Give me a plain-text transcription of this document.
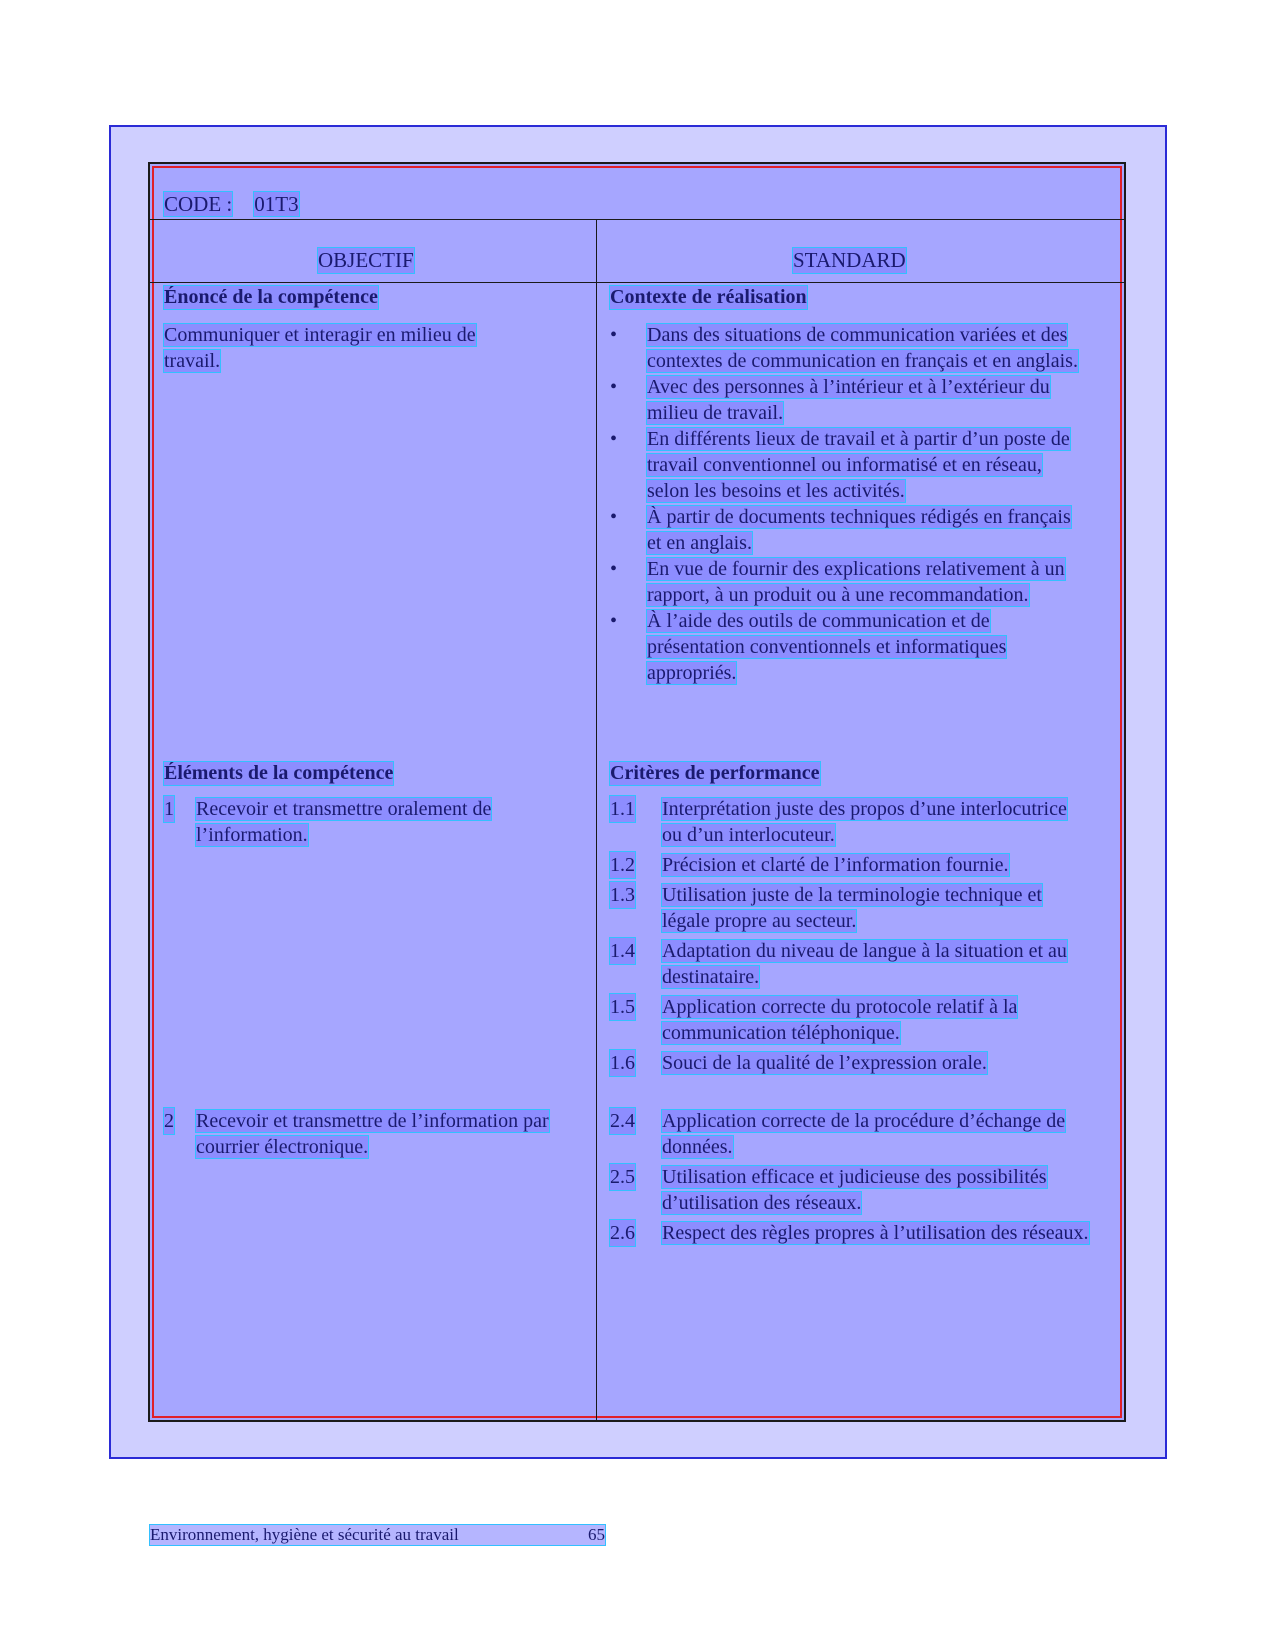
CODE : 01T3
OBJECTIF	STANDARD
Énoncé de la compétence
Communiquer et interagir en milieu de travail.
Contexte de réalisation
• Dans des situations de communication variées et des contextes de communication en français et en anglais.
• Avec des personnes à l’intérieur et à l’extérieur du milieu de travail.
• En différents lieux de travail et à partir d’un poste de travail conventionnel ou informatisé et en réseau, selon les besoins et les activités.
• À partir de documents techniques rédigés en français et en anglais.
• En vue de fournir des explications relativement à un rapport, à un produit ou à une recommandation.
• À l’aide des outils de communication et de présentation conventionnels et informatiques appropriés.
Éléments de la compétence
1 Recevoir et transmettre oralement de l’information.
2 Recevoir et transmettre de l’information par courrier électronique.
Critères de performance
1.1 Interprétation juste des propos d’une interlocutrice ou d’un interlocuteur.
1.2 Précision et clarté de l’information fournie.
1.3 Utilisation juste de la terminologie technique et légale propre au secteur.
1.4 Adaptation du niveau de langue à la situation et au destinataire.
1.5 Application correcte du protocole relatif à la communication téléphonique.
1.6 Souci de la qualité de l’expression orale.
2.4 Application correcte de la procédure d’échange de données.
2.5 Utilisation efficace et judicieuse des possibilités d’utilisation des réseaux.
2.6 Respect des règles propres à l’utilisation des réseaux.
Environnement, hygiène et sécurité au travail	65
